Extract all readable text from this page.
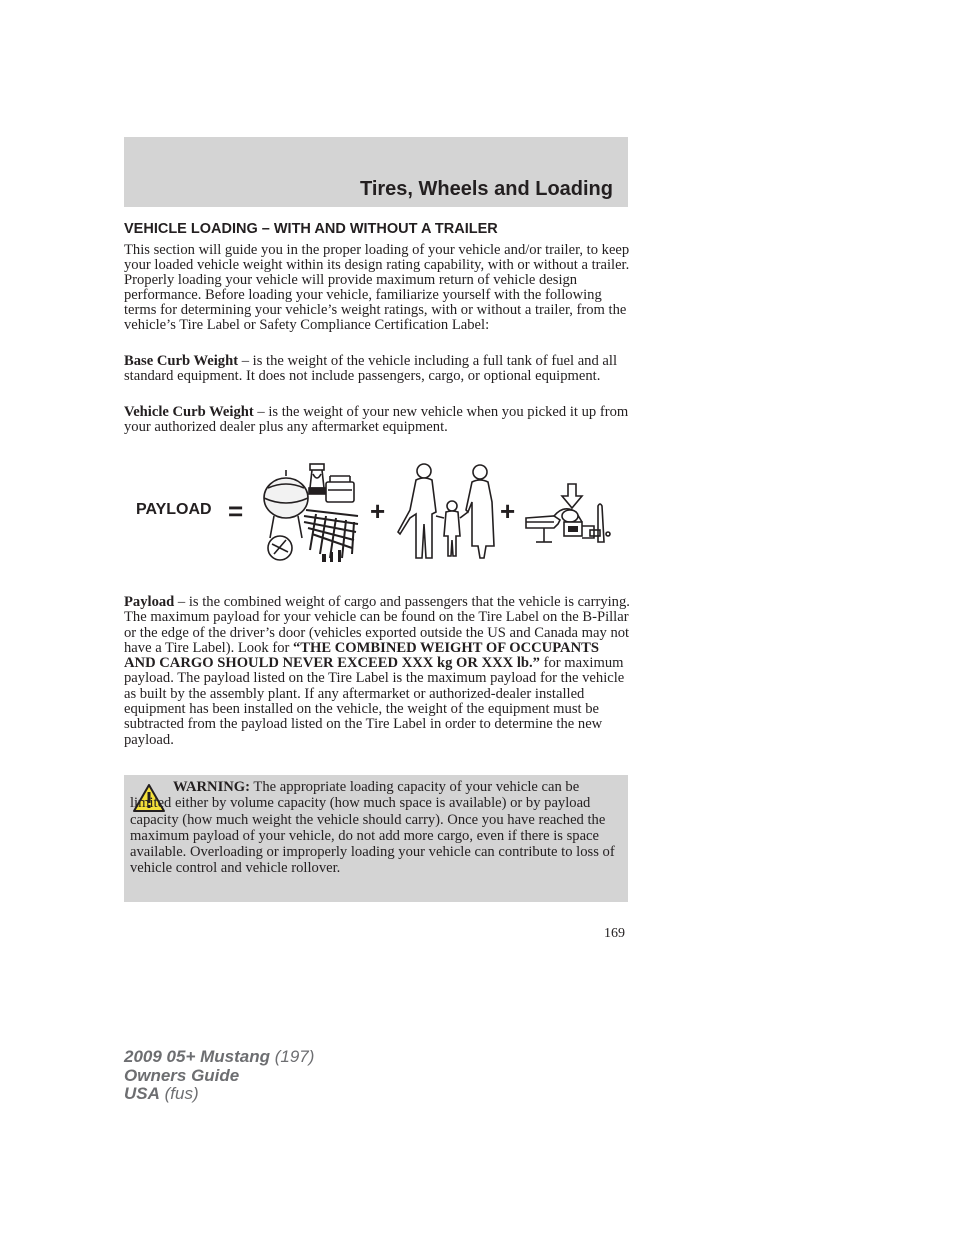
Tires, Wheels and Loading
VEHICLE LOADING – WITH AND WITHOUT A TRAILER
This section will guide you in the proper loading of your vehicle and/or trailer, to keep your loaded vehicle weight within its design rating capability, with or without a trailer. Properly loading your vehicle will provide maximum return of vehicle design performance. Before loading your vehicle, familiarize yourself with the following terms for determining your vehicle’s weight ratings, with or without a trailer, from the vehicle’s Tire Label or Safety Compliance Certification Label:
Base Curb Weight – is the weight of the vehicle including a full tank of fuel and all standard equipment. It does not include passengers, cargo, or optional equipment.
Vehicle Curb Weight – is the weight of your new vehicle when you picked it up from your authorized dealer plus any aftermarket equipment.
PAYLOAD =	+	+
Payload – is the combined weight of cargo and passengers that the vehicle is carrying. The maximum payload for your vehicle can be found on the Tire Label on the B-Pillar or the edge of the driver’s door (vehicles exported outside the US and Canada may not have a Tire Label). Look for “THE COMBINED WEIGHT OF OCCUPANTS AND CARGO SHOULD NEVER EXCEED XXX kg OR XXX lb.” for maximum payload. The payload listed on the Tire Label is the maximum payload for the vehicle as built by the assembly plant. If any aftermarket or authorized-dealer installed equipment has been installed on the vehicle, the weight of the equipment must be subtracted from the payload listed on the Tire Label in order to determine the new payload.
WARNING: The appropriate loading capacity of your vehicle can be limited either by volume capacity (how much space is available) or by payload capacity (how much weight the vehicle should carry). Once you have reached the maximum payload of your vehicle, do not add more cargo, even if there is space available. Overloading or improperly loading your vehicle can contribute to loss of vehicle control and vehicle rollover.
169
2009 05+ Mustang (197)
Owners Guide
USA (fus)
